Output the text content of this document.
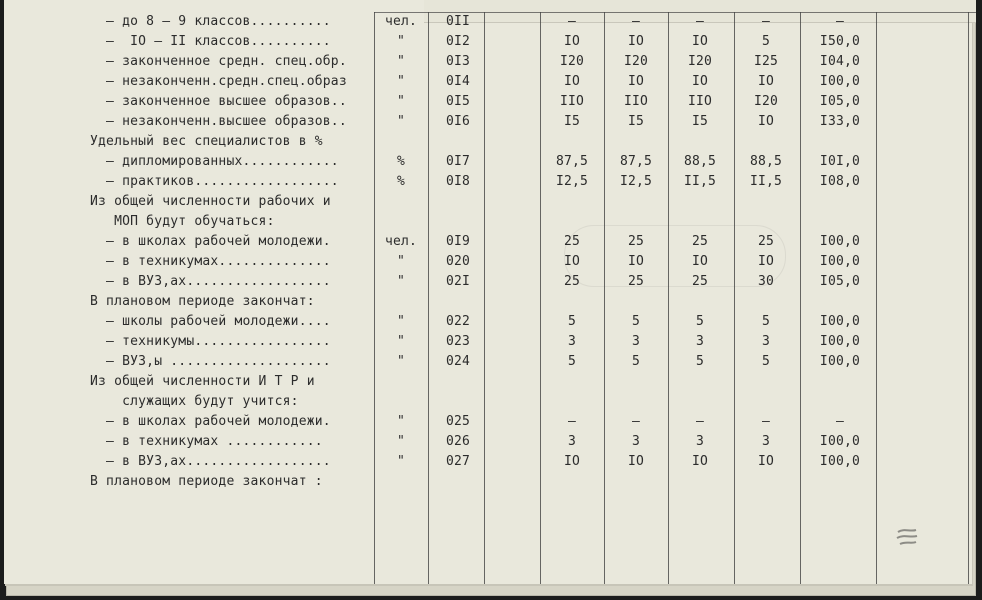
– до 8 – 9 классов..........	чел.	0II	–	–	–	–	–
–  IO – II классов..........	"	0I2	IO	IO	IO	5	I50,0
– законченное средн. спец.обр.	"	0I3	I20	I20	I20	I25	I04,0
– незаконченн.средн.спец.образ	"	0I4	IO	IO	IO	IO	I00,0
– законченное высшее образов..	"	0I5	IIO	IIO	IIO	I20	I05,0
– незаконченн.высшее образов..	"	0I6	I5	I5	I5	IO	I33,0
Удельный вес специалистов в %
– дипломированных............	%	0I7	87,5	87,5	88,5	88,5	I0I,0
– практиков..................	%	0I8	I2,5	I2,5	II,5	II,5	I08,0
Из общей численности рабочих и
МОП будут обучаться:
– в школах рабочей молодежи.	чел.	0I9	25	25	25	25	I00,0
– в техникумах..............	"	020	IO	IO	IO	IO	I00,0
– в ВУЗ,ах..................	"	02I	25	25	25	30	I05,0
В плановом периоде закончат:
– школы рабочей молодежи....	"	022	5	5	5	5	I00,0
– техникумы.................	"	023	3	3	3	3	I00,0
– ВУЗ,ы ....................	"	024	5	5	5	5	I00,0
Из общей численности И Т Р и
служащих будут учится:
– в школах рабочей молодежи.	"	025	–	–	–	–	–
– в техникумах ............	"	026	3	3	3	3	I00,0
– в ВУЗ,ах..................	"	027	IO	IO	IO	IO	I00,0
В плановом периоде закончат :
